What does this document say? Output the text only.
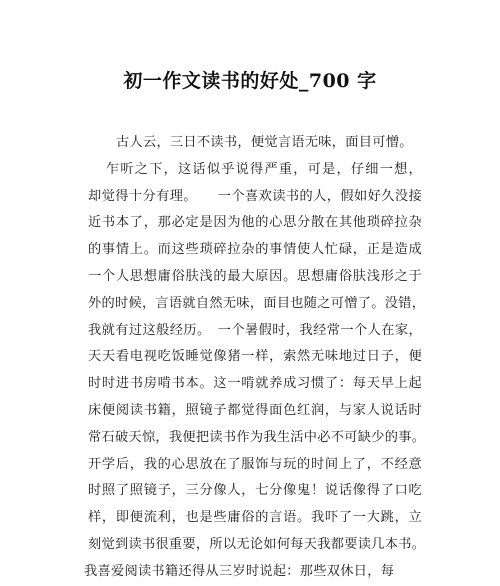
初一作文读书的好处_700 字
古人云，三日不读书，便觉言语无味，面目可憎。
乍听之下，这话似乎说得严重，可是，仔细一想，
却觉得十分有理。　　一个喜欢读书的人，假如好久没接
近书本了，那必定是因为他的心思分散在其他琐碎拉杂
的事情上。而这些琐碎拉杂的事情使人忙碌，正是造成
一个人思想庸俗肤浅的最大原因。思想庸俗肤浅形之于
外的时候，言语就自然无味，面目也随之可憎了。没错，
我就有过这般经历。　一个暑假时，我经常一个人在家，
天天看电视吃饭睡觉像猪一样，索然无味地过日子，便
时时进书房啃书本。这一啃就养成习惯了：每天早上起
床便阅读书籍，照镜子都觉得面色红润，与家人说话时
常石破天惊，我便把读书作为我生活中必不可缺少的事。
开学后，我的心思放在了服饰与玩的时间上了，不经意
时照了照镜子，三分像人，七分像鬼！说话像得了口吃
样，即便流利，也是些庸俗的言语。我吓了一大跳，立
刻觉到读书很重要，所以无论如何每天我都要读几本书。
我喜爱阅读书籍还得从三岁时说起：那些双休日，每
